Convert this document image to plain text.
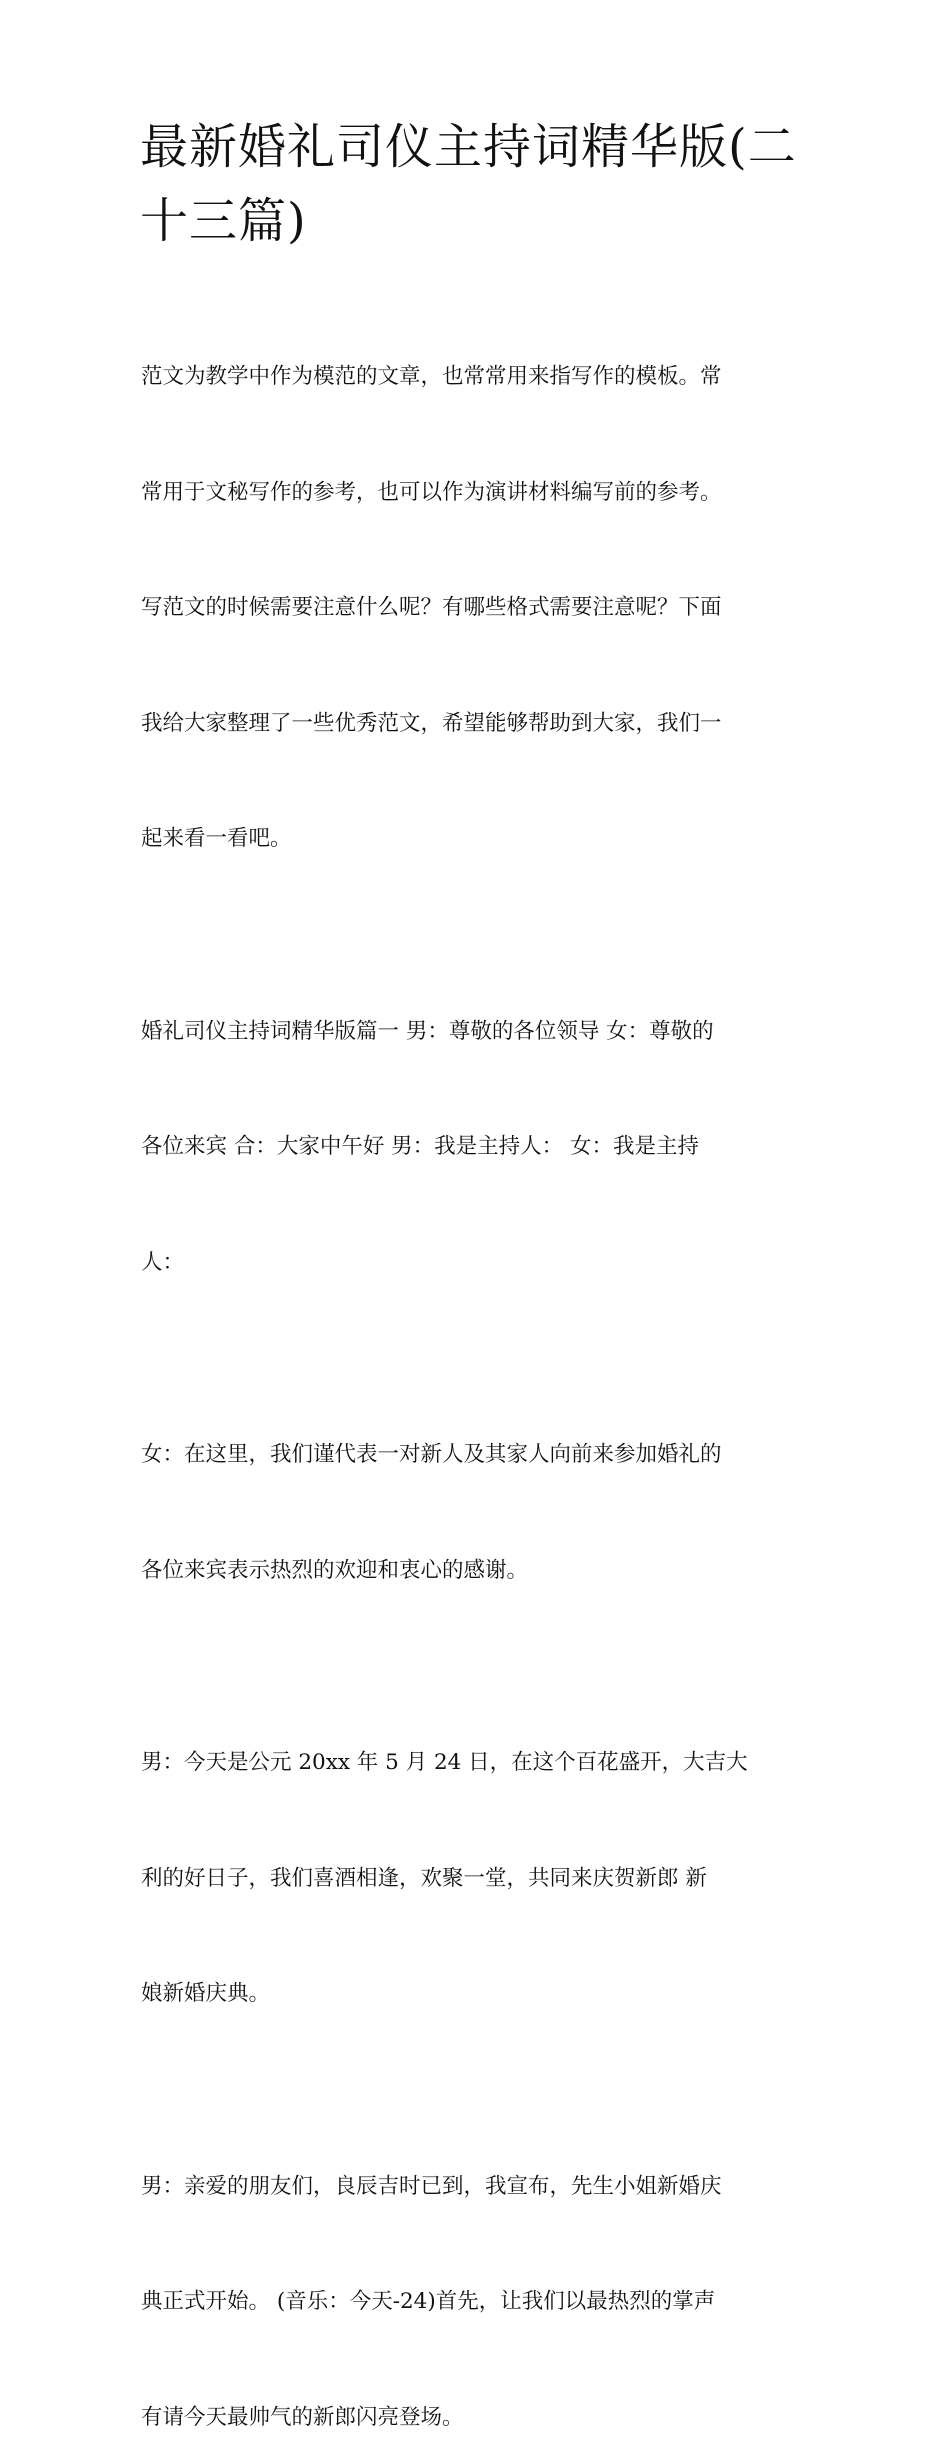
最新婚礼司仪主持词精华版(二
十三篇)

范文为教学中作为模范的文章，也常常用来指写作的模板。常

常用于文秘写作的参考，也可以作为演讲材料编写前的参考。

写范文的时候需要注意什么呢？有哪些格式需要注意呢？下面

我给大家整理了一些优秀范文，希望能够帮助到大家，我们一

起来看一看吧。

婚礼司仪主持词精华版篇一 男：尊敬的各位领导 女：尊敬的

各位来宾 合：大家中午好 男：我是主持人： 女：我是主持

人：

女：在这里，我们谨代表一对新人及其家人向前来参加婚礼的

各位来宾表示热烈的欢迎和衷心的感谢。

男：今天是公元 20xx 年 5 月 24 日，在这个百花盛开，大吉大

利的好日子，我们喜酒相逢，欢聚一堂，共同来庆贺新郎 新

娘新婚庆典。

男：亲爱的朋友们，良辰吉时已到，我宣布，先生小姐新婚庆

典正式开始。 (音乐：今天-24)首先，让我们以最热烈的掌声

有请今天最帅气的新郎闪亮登场。
